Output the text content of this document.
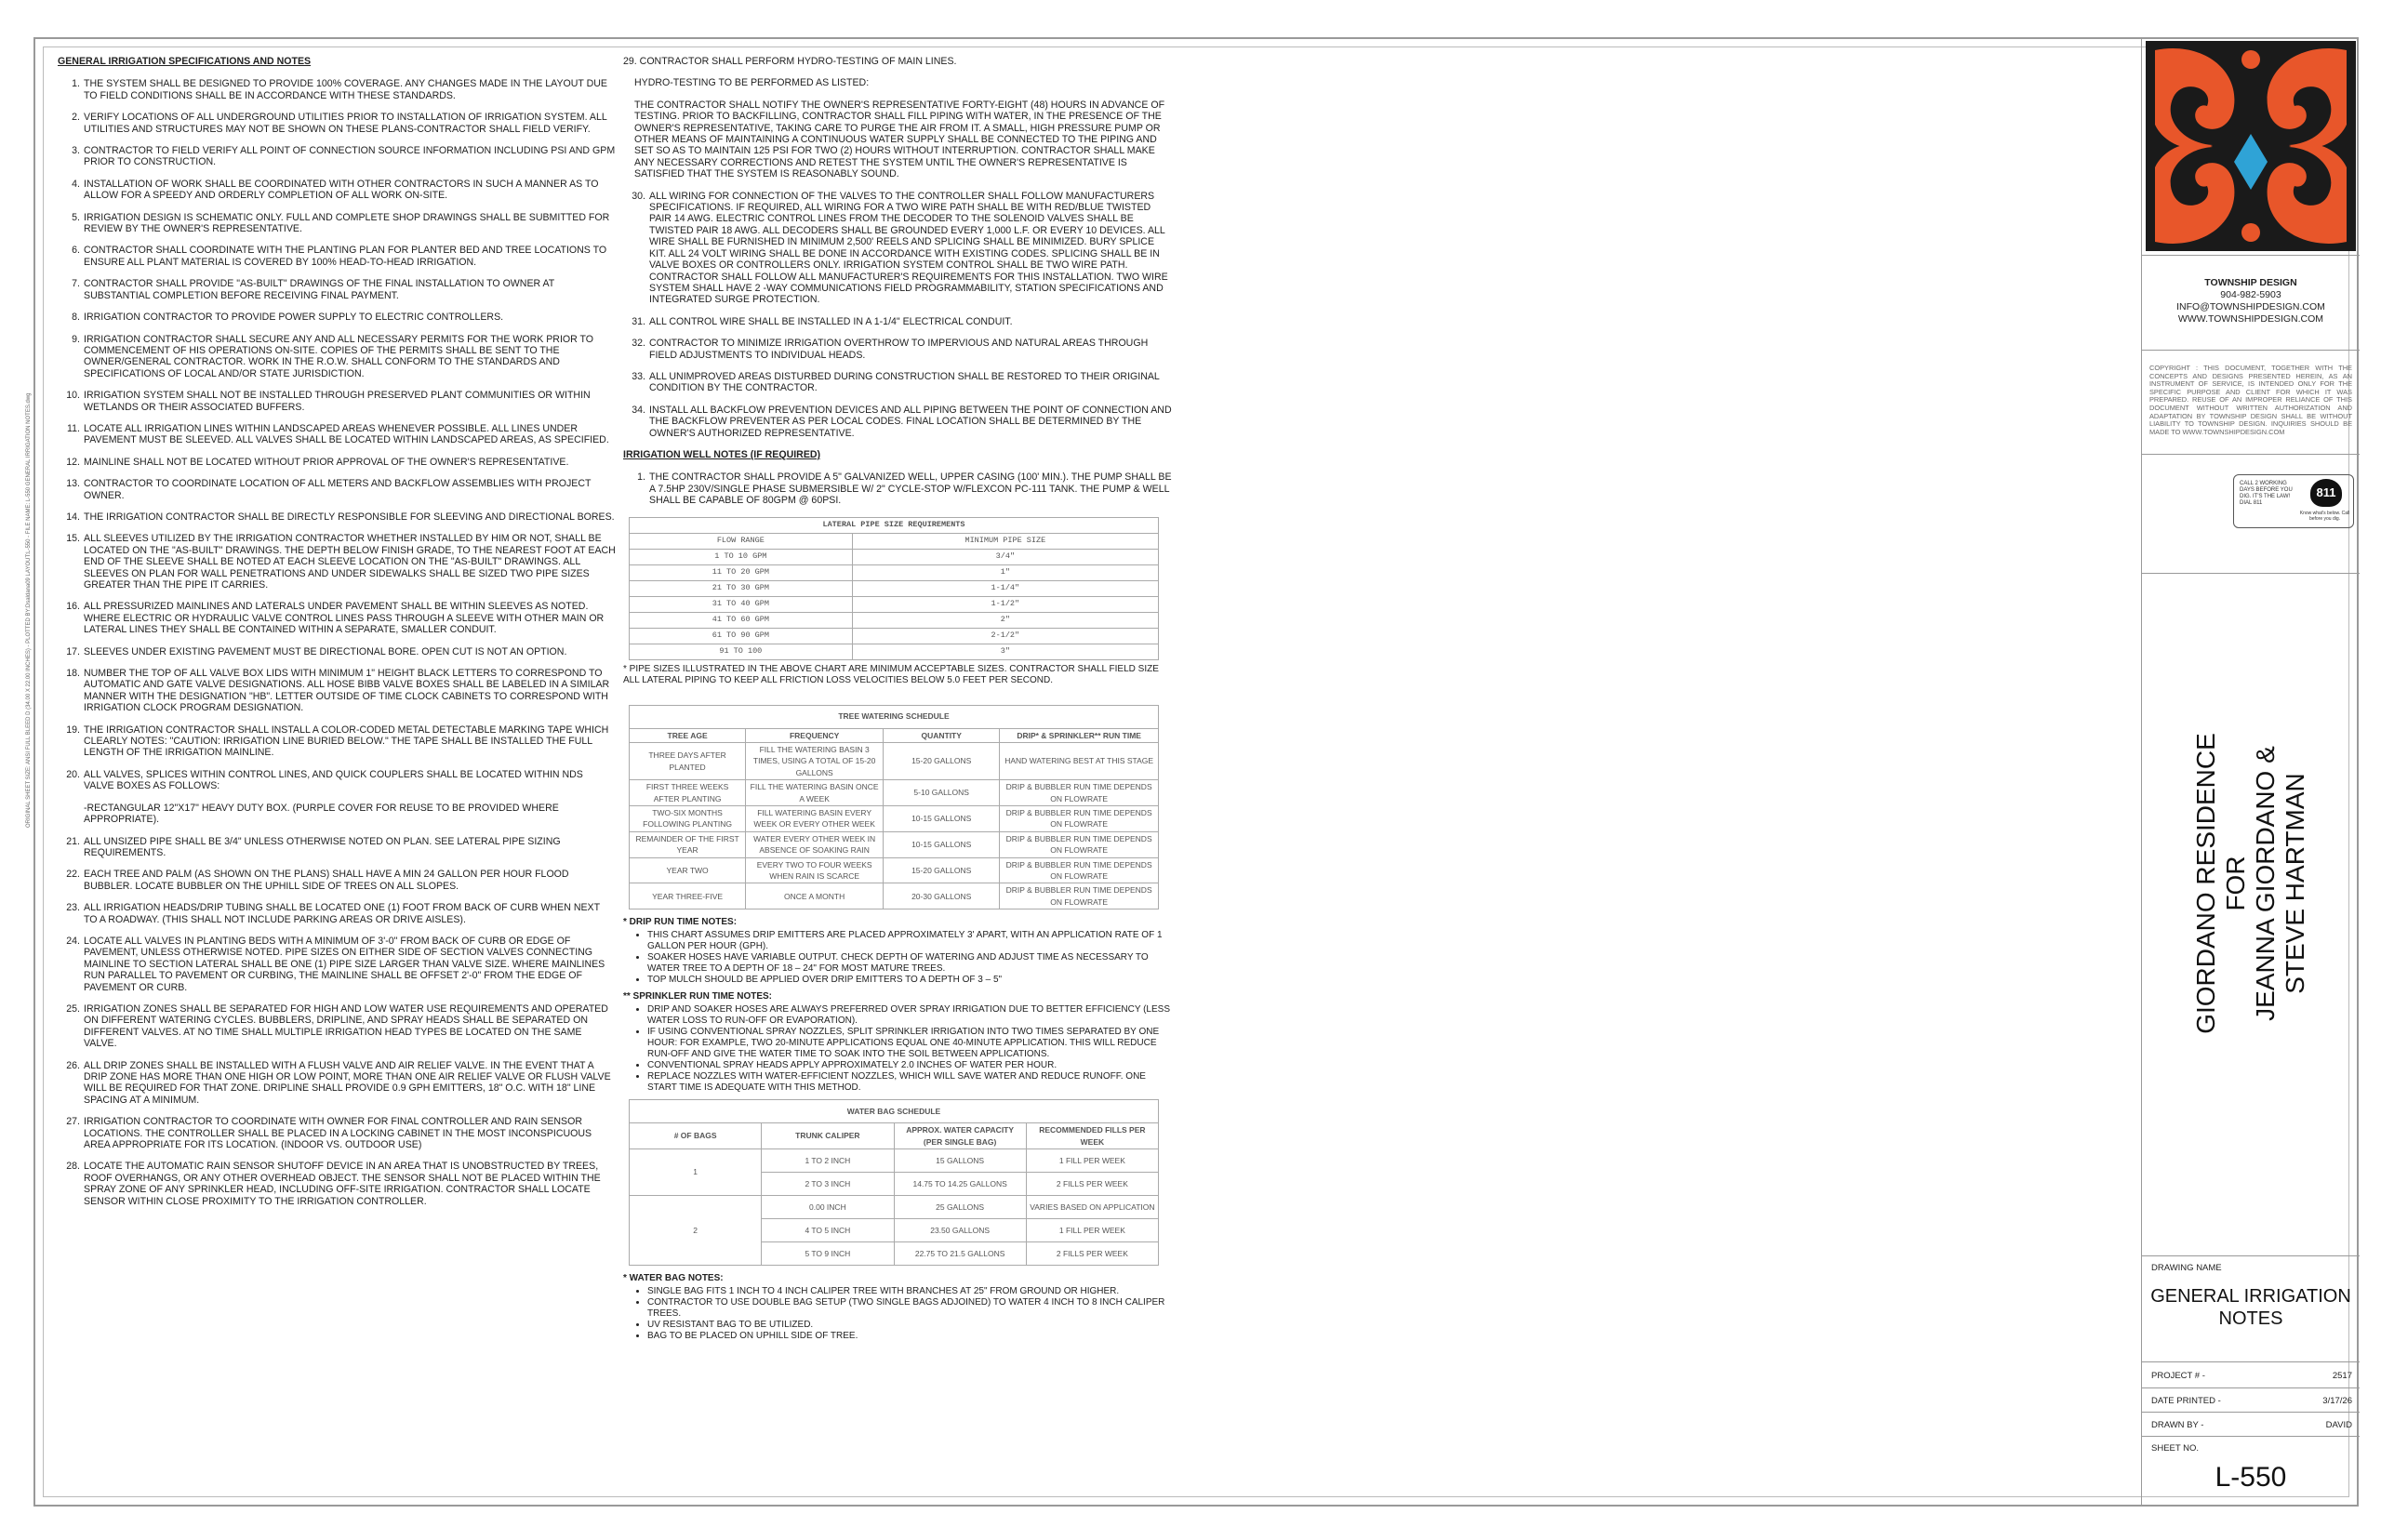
ORIGINAL SHEET SIZE: ANSI FULL BLEED D (34.00 X 22.00 INCHES) - PLOTTED BY:Dsaldana09 LAYOUT:L-550 - FILE NAME: L-550 GENERAL IRRIGATION NOTES.dwg
GENERAL IRRIGATION SPECIFICATIONS AND NOTES
1. THE SYSTEM SHALL BE DESIGNED TO PROVIDE 100% COVERAGE. ANY CHANGES MADE IN THE LAYOUT DUE TO FIELD CONDITIONS SHALL BE IN ACCORDANCE WITH THESE STANDARDS.
2. VERIFY LOCATIONS OF ALL UNDERGROUND UTILITIES PRIOR TO INSTALLATION OF IRRIGATION SYSTEM. ALL UTILITIES AND STRUCTURES MAY NOT BE SHOWN ON THESE PLANS-CONTRACTOR SHALL FIELD VERIFY.
3. CONTRACTOR TO FIELD VERIFY ALL POINT OF CONNECTION SOURCE INFORMATION INCLUDING PSI AND GPM PRIOR TO CONSTRUCTION.
4. INSTALLATION OF WORK SHALL BE COORDINATED WITH OTHER CONTRACTORS IN SUCH A MANNER AS TO ALLOW FOR A SPEEDY AND ORDERLY COMPLETION OF ALL WORK ON-SITE.
5. IRRIGATION DESIGN IS SCHEMATIC ONLY. FULL AND COMPLETE SHOP DRAWINGS SHALL BE SUBMITTED FOR REVIEW BY THE OWNER'S REPRESENTATIVE.
6. CONTRACTOR SHALL COORDINATE WITH THE PLANTING PLAN FOR PLANTER BED AND TREE LOCATIONS TO ENSURE ALL PLANT MATERIAL IS COVERED BY 100% HEAD-TO-HEAD IRRIGATION.
7. CONTRACTOR SHALL PROVIDE "AS-BUILT" DRAWINGS OF THE FINAL INSTALLATION TO OWNER AT SUBSTANTIAL COMPLETION BEFORE RECEIVING FINAL PAYMENT.
8. IRRIGATION CONTRACTOR TO PROVIDE POWER SUPPLY TO ELECTRIC CONTROLLERS.
9. IRRIGATION CONTRACTOR SHALL SECURE ANY AND ALL NECESSARY PERMITS FOR THE WORK PRIOR TO COMMENCEMENT OF HIS OPERATIONS ON-SITE. COPIES OF THE PERMITS SHALL BE SENT TO THE OWNER/GENERAL CONTRACTOR. WORK IN THE R.O.W. SHALL CONFORM TO THE STANDARDS AND SPECIFICATIONS OF LOCAL AND/OR STATE JURISDICTION.
10. IRRIGATION SYSTEM SHALL NOT BE INSTALLED THROUGH PRESERVED PLANT COMMUNITIES OR WITHIN WETLANDS OR THEIR ASSOCIATED BUFFERS.
11. LOCATE ALL IRRIGATION LINES WITHIN LANDSCAPED AREAS WHENEVER POSSIBLE. ALL LINES UNDER PAVEMENT MUST BE SLEEVED. ALL VALVES SHALL BE LOCATED WITHIN LANDSCAPED AREAS, AS SPECIFIED.
12. MAINLINE SHALL NOT BE LOCATED WITHOUT PRIOR APPROVAL OF THE OWNER'S REPRESENTATIVE.
13. CONTRACTOR TO COORDINATE LOCATION OF ALL METERS AND BACKFLOW ASSEMBLIES WITH PROJECT OWNER.
14. THE IRRIGATION CONTRACTOR SHALL BE DIRECTLY RESPONSIBLE FOR SLEEVING AND DIRECTIONAL BORES.
15. ALL SLEEVES UTILIZED BY THE IRRIGATION CONTRACTOR WHETHER INSTALLED BY HIM OR NOT, SHALL BE LOCATED ON THE "AS-BUILT" DRAWINGS. THE DEPTH BELOW FINISH GRADE, TO THE NEAREST FOOT AT EACH END OF THE SLEEVE SHALL BE NOTED AT EACH SLEEVE LOCATION ON THE "AS-BUILT" DRAWINGS. ALL SLEEVES ON PLAN FOR WALL PENETRATIONS AND UNDER SIDEWALKS SHALL BE SIZED TWO PIPE SIZES GREATER THAN THE PIPE IT CARRIES.
16. ALL PRESSURIZED MAINLINES AND LATERALS UNDER PAVEMENT SHALL BE WITHIN SLEEVES AS NOTED. WHERE ELECTRIC OR HYDRAULIC VALVE CONTROL LINES PASS THROUGH A SLEEVE WITH OTHER MAIN OR LATERAL LINES THEY SHALL BE CONTAINED WITHIN A SEPARATE, SMALLER CONDUIT.
17. SLEEVES UNDER EXISTING PAVEMENT MUST BE DIRECTIONAL BORE. OPEN CUT IS NOT AN OPTION.
18. NUMBER THE TOP OF ALL VALVE BOX LIDS WITH MINIMUM 1" HEIGHT BLACK LETTERS TO CORRESPOND TO AUTOMATIC AND GATE VALVE DESIGNATIONS. ALL HOSE BIBB VALVE BOXES SHALL BE LABELED IN A SIMILAR MANNER WITH THE DESIGNATION "HB". LETTER OUTSIDE OF TIME CLOCK CABINETS TO CORRESPOND WITH IRRIGATION CLOCK PROGRAM DESIGNATION.
19. THE IRRIGATION CONTRACTOR SHALL INSTALL A COLOR-CODED METAL DETECTABLE MARKING TAPE WHICH CLEARLY NOTES: "CAUTION: IRRIGATION LINE BURIED BELOW." THE TAPE SHALL BE INSTALLED THE FULL LENGTH OF THE IRRIGATION MAINLINE.
20. ALL VALVES, SPLICES WITHIN CONTROL LINES, AND QUICK COUPLERS SHALL BE LOCATED WITHIN NDS VALVE BOXES AS FOLLOWS:
-RECTANGULAR 12"X17" HEAVY DUTY BOX. (PURPLE COVER FOR REUSE TO BE PROVIDED WHERE APPROPRIATE).
21. ALL UNSIZED PIPE SHALL BE 3/4" UNLESS OTHERWISE NOTED ON PLAN. SEE LATERAL PIPE SIZING REQUIREMENTS.
22. EACH TREE AND PALM (AS SHOWN ON THE PLANS) SHALL HAVE A MIN 24 GALLON PER HOUR FLOOD BUBBLER. LOCATE BUBBLER ON THE UPHILL SIDE OF TREES ON ALL SLOPES.
23. ALL IRRIGATION HEADS/DRIP TUBING SHALL BE LOCATED ONE (1) FOOT FROM BACK OF CURB WHEN NEXT TO A ROADWAY. (THIS SHALL NOT INCLUDE PARKING AREAS OR DRIVE AISLES).
24. LOCATE ALL VALVES IN PLANTING BEDS WITH A MINIMUM OF 3'-0" FROM BACK OF CURB OR EDGE OF PAVEMENT, UNLESS OTHERWISE NOTED. PIPE SIZES ON EITHER SIDE OF SECTION VALVES CONNECTING MAINLINE TO SECTION LATERAL SHALL BE ONE (1) PIPE SIZE LARGER THAN VALVE SIZE. WHERE MAINLINES RUN PARALLEL TO PAVEMENT OR CURBING, THE MAINLINE SHALL BE OFFSET 2'-0" FROM THE EDGE OF PAVEMENT OR CURB.
25. IRRIGATION ZONES SHALL BE SEPARATED FOR HIGH AND LOW WATER USE REQUIREMENTS AND OPERATED ON DIFFERENT WATERING CYCLES. BUBBLERS, DRIPLINE, AND SPRAY HEADS SHALL BE SEPARATED ON DIFFERENT VALVES. AT NO TIME SHALL MULTIPLE IRRIGATION HEAD TYPES BE LOCATED ON THE SAME VALVE.
26. ALL DRIP ZONES SHALL BE INSTALLED WITH A FLUSH VALVE AND AIR RELIEF VALVE. IN THE EVENT THAT A DRIP ZONE HAS MORE THAN ONE HIGH OR LOW POINT, MORE THAN ONE AIR RELIEF VALVE OR FLUSH VALVE WILL BE REQUIRED FOR THAT ZONE. DRIPLINE SHALL PROVIDE 0.9 GPH EMITTERS, 18" O.C. WITH 18" LINE SPACING AT A MINIMUM.
27. IRRIGATION CONTRACTOR TO COORDINATE WITH OWNER FOR FINAL CONTROLLER AND RAIN SENSOR LOCATIONS. THE CONTROLLER SHALL BE PLACED IN A LOCKING CABINET IN THE MOST INCONSPICUOUS AREA APPROPRIATE FOR ITS LOCATION. (INDOOR VS. OUTDOOR USE)
28. LOCATE THE AUTOMATIC RAIN SENSOR SHUTOFF DEVICE IN AN AREA THAT IS UNOBSTRUCTED BY TREES, ROOF OVERHANGS, OR ANY OTHER OVERHEAD OBJECT. THE SENSOR SHALL NOT BE PLACED WITHIN THE SPRAY ZONE OF ANY SPRINKLER HEAD, INCLUDING OFF-SITE IRRIGATION. CONTRACTOR SHALL LOCATE SENSOR WITHIN CLOSE PROXIMITY TO THE IRRIGATION CONTROLLER.
29. CONTRACTOR SHALL PERFORM HYDRO-TESTING OF MAIN LINES.
HYDRO-TESTING TO BE PERFORMED AS LISTED:
THE CONTRACTOR SHALL NOTIFY THE OWNER'S REPRESENTATIVE FORTY-EIGHT (48) HOURS IN ADVANCE OF TESTING. PRIOR TO BACKFILLING, CONTRACTOR SHALL FILL PIPING WITH WATER, IN THE PRESENCE OF THE OWNER'S REPRESENTATIVE, TAKING CARE TO PURGE THE AIR FROM IT. A SMALL, HIGH PRESSURE PUMP OR OTHER MEANS OF MAINTAINING A CONTINUOUS WATER SUPPLY SHALL BE CONNECTED TO THE PIPING AND SET SO AS TO MAINTAIN 125 PSI FOR TWO (2) HOURS WITHOUT INTERRUPTION. CONTRACTOR SHALL MAKE ANY NECESSARY CORRECTIONS AND RETEST THE SYSTEM UNTIL THE OWNER'S REPRESENTATIVE IS SATISFIED THAT THE SYSTEM IS REASONABLY SOUND.
30. ALL WIRING FOR CONNECTION OF THE VALVES TO THE CONTROLLER SHALL FOLLOW MANUFACTURERS SPECIFICATIONS. IF REQUIRED, ALL WIRING FOR A TWO WIRE PATH SHALL BE WITH RED/BLUE TWISTED PAIR 14 AWG. ELECTRIC CONTROL LINES FROM THE DECODER TO THE SOLENOID VALVES SHALL BE TWISTED PAIR 18 AWG. ALL DECODERS SHALL BE GROUNDED EVERY 1,000 L.F. OR EVERY 10 DEVICES. ALL WIRE SHALL BE FURNISHED IN MINIMUM 2,500' REELS AND SPLICING SHALL BE MINIMIZED. BURY SPLICE KIT. ALL 24 VOLT WIRING SHALL BE DONE IN ACCORDANCE WITH EXISTING CODES. SPLICING SHALL BE IN VALVE BOXES OR CONTROLLERS ONLY. IRRIGATION SYSTEM CONTROL SHALL BE TWO WIRE PATH. CONTRACTOR SHALL FOLLOW ALL MANUFACTURER'S REQUIREMENTS FOR THIS INSTALLATION. TWO WIRE SYSTEM SHALL HAVE 2 -WAY COMMUNICATIONS FIELD PROGRAMMABILITY, STATION SPECIFICATIONS AND INTEGRATED SURGE PROTECTION.
31. ALL CONTROL WIRE SHALL BE INSTALLED IN A 1-1/4" ELECTRICAL CONDUIT.
32. CONTRACTOR TO MINIMIZE IRRIGATION OVERTHROW TO IMPERVIOUS AND NATURAL AREAS THROUGH FIELD ADJUSTMENTS TO INDIVIDUAL HEADS.
33. ALL UNIMPROVED AREAS DISTURBED DURING CONSTRUCTION SHALL BE RESTORED TO THEIR ORIGINAL CONDITION BY THE CONTRACTOR.
34. INSTALL ALL BACKFLOW PREVENTION DEVICES AND ALL PIPING BETWEEN THE POINT OF CONNECTION AND THE BACKFLOW PREVENTER AS PER LOCAL CODES. FINAL LOCATION SHALL BE DETERMINED BY THE OWNER'S AUTHORIZED REPRESENTATIVE.
IRRIGATION WELL NOTES (IF REQUIRED)
1. THE CONTRACTOR SHALL PROVIDE A 5" GALVANIZED WELL, UPPER CASING (100' MIN.). THE PUMP SHALL BE A 7.5HP 230V/SINGLE PHASE SUBMERSIBLE W/ 2" CYCLE-STOP W/FLEXCON PC-111 TANK. THE PUMP & WELL SHALL BE CAPABLE OF 80GPM @ 60PSI.
LATERAL PIPE SIZE REQUIREMENTS	
FLOW RANGE	MINIMUM PIPE SIZE
1 TO 10 GPM	3/4"
11 TO 20 GPM	1"
21 TO 30 GPM	1-1/4"
31 TO 40 GPM	1-1/2"
41 TO 60 GPM	2"
61 TO 90 GPM	2-1/2"
91 TO 100	3"
* PIPE SIZES ILLUSTRATED IN THE ABOVE CHART ARE MINIMUM ACCEPTABLE SIZES. CONTRACTOR SHALL FIELD SIZE ALL LATERAL PIPING TO KEEP ALL FRICTION LOSS VELOCITIES BELOW 5.0 FEET PER SECOND.
TREE WATERING SCHEDULE			
TREE AGE	FREQUENCY	QUANTITY	DRIP* & SPRINKLER** RUN TIME
THREE DAYS AFTER PLANTED	FILL THE WATERING BASIN 3 TIMES, USING A TOTAL OF 15-20 GALLONS	15-20 GALLONS	HAND WATERING BEST AT THIS STAGE
FIRST THREE WEEKS AFTER PLANTING	FILL THE WATERING BASIN ONCE A WEEK	5-10 GALLONS	DRIP & BUBBLER RUN TIME DEPENDS ON FLOWRATE
TWO-SIX MONTHS FOLLOWING PLANTING	FILL WATERING BASIN EVERY WEEK OR EVERY OTHER WEEK	10-15 GALLONS	DRIP & BUBBLER RUN TIME DEPENDS ON FLOWRATE
REMAINDER OF THE FIRST YEAR	WATER EVERY OTHER WEEK IN ABSENCE OF SOAKING RAIN	10-15 GALLONS	DRIP & BUBBLER RUN TIME DEPENDS ON FLOWRATE
YEAR TWO	EVERY TWO TO FOUR WEEKS WHEN RAIN IS SCARCE	15-20 GALLONS	DRIP & BUBBLER RUN TIME DEPENDS ON FLOWRATE
YEAR THREE-FIVE	ONCE A MONTH	20-30 GALLONS	DRIP & BUBBLER RUN TIME DEPENDS ON FLOWRATE
* DRIP RUN TIME NOTES:
• THIS CHART ASSUMES DRIP EMITTERS ARE PLACED APPROXIMATELY 3' APART, WITH AN APPLICATION RATE OF 1 GALLON PER HOUR (GPH).
• SOAKER HOSES HAVE VARIABLE OUTPUT. CHECK DEPTH OF WATERING AND ADJUST TIME AS NECESSARY TO WATER TREE TO A DEPTH OF 18 – 24" FOR MOST MATURE TREES.
• TOP MULCH SHOULD BE APPLIED OVER DRIP EMITTERS TO A DEPTH OF 3 – 5"
** SPRINKLER RUN TIME NOTES:
• DRIP AND SOAKER HOSES ARE ALWAYS PREFERRED OVER SPRAY IRRIGATION DUE TO BETTER EFFICIENCY (LESS WATER LOSS TO RUN-OFF OR EVAPORATION).
• IF USING CONVENTIONAL SPRAY NOZZLES, SPLIT SPRINKLER IRRIGATION INTO TWO TIMES SEPARATED BY ONE HOUR: FOR EXAMPLE, TWO 20-MINUTE APPLICATIONS EQUAL ONE 40-MINUTE APPLICATION. THIS WILL REDUCE RUN-OFF AND GIVE THE WATER TIME TO SOAK INTO THE SOIL BETWEEN APPLICATIONS.
• CONVENTIONAL SPRAY HEADS APPLY APPROXIMATELY 2.0 INCHES OF WATER PER HOUR.
• REPLACE NOZZLES WITH WATER-EFFICIENT NOZZLES, WHICH WILL SAVE WATER AND REDUCE RUNOFF. ONE START TIME IS ADEQUATE WITH THIS METHOD.
WATER BAG SCHEDULE			
# OF BAGS	TRUNK CALIPER	APPROX. WATER CAPACITY (PER SINGLE BAG)	RECOMMENDED FILLS PER WEEK
1	1 TO 2 INCH	15 GALLONS	1 FILL PER WEEK
	2 TO 3 INCH	14.75 TO 14.25 GALLONS	2 FILLS PER WEEK
2	0.00 INCH	25 GALLONS	VARIES BASED ON APPLICATION
	4 TO 5 INCH	23.50 GALLONS	1 FILL PER WEEK
	5 TO 9 INCH	22.75 TO 21.5 GALLONS	2 FILLS PER WEEK
* WATER BAG NOTES:
• SINGLE BAG FITS 1 INCH TO 4 INCH CALIPER TREE WITH BRANCHES AT 25" FROM GROUND OR HIGHER.
• CONTRACTOR TO USE DOUBLE BAG SETUP (TWO SINGLE BAGS ADJOINED) TO WATER 4 INCH TO 8 INCH CALIPER TREES.
• UV RESISTANT BAG TO BE UTILIZED.
• BAG TO BE PLACED ON UPHILL SIDE OF TREE.
TOWNSHIP DESIGN
904-982-5903
INFO@TOWNSHIPDESIGN.COM
WWW.TOWNSHIPDESIGN.COM
COPYRIGHT : THIS DOCUMENT, TOGETHER WITH THE CONCEPTS AND DESIGNS PRESENTED HEREIN, AS AN INSTRUMENT OF SERVICE, IS INTENDED ONLY FOR THE SPECIFIC PURPOSE AND CLIENT FOR WHICH IT WAS PREPARED. REUSE OF AN IMPROPER RELIANCE OF THIS DOCUMENT WITHOUT WRITTEN AUTHORIZATION AND ADAPTATION BY TOWNSHIP DESIGN SHALL BE WITHOUT LIABILITY TO TOWNSHIP DESIGN. INQUIRIES SHOULD BE MADE TO WWW.TOWNSHIPDESIGN.COM
CALL 2 WORKING DAYS BEFORE YOU DIG. IT'S THE LAW! DIAL 811
811
Know what's below. Call before you dig.
GIORDANO RESIDENCE FOR JEANNA GIORDANO & STEVE HARTMAN
DRAWING NAME
GENERAL IRRIGATION
NOTES
PROJECT # -	2517
DATE PRINTED -	3/17/26
DRAWN BY -	DAVID
SHEET NO.
L-550
